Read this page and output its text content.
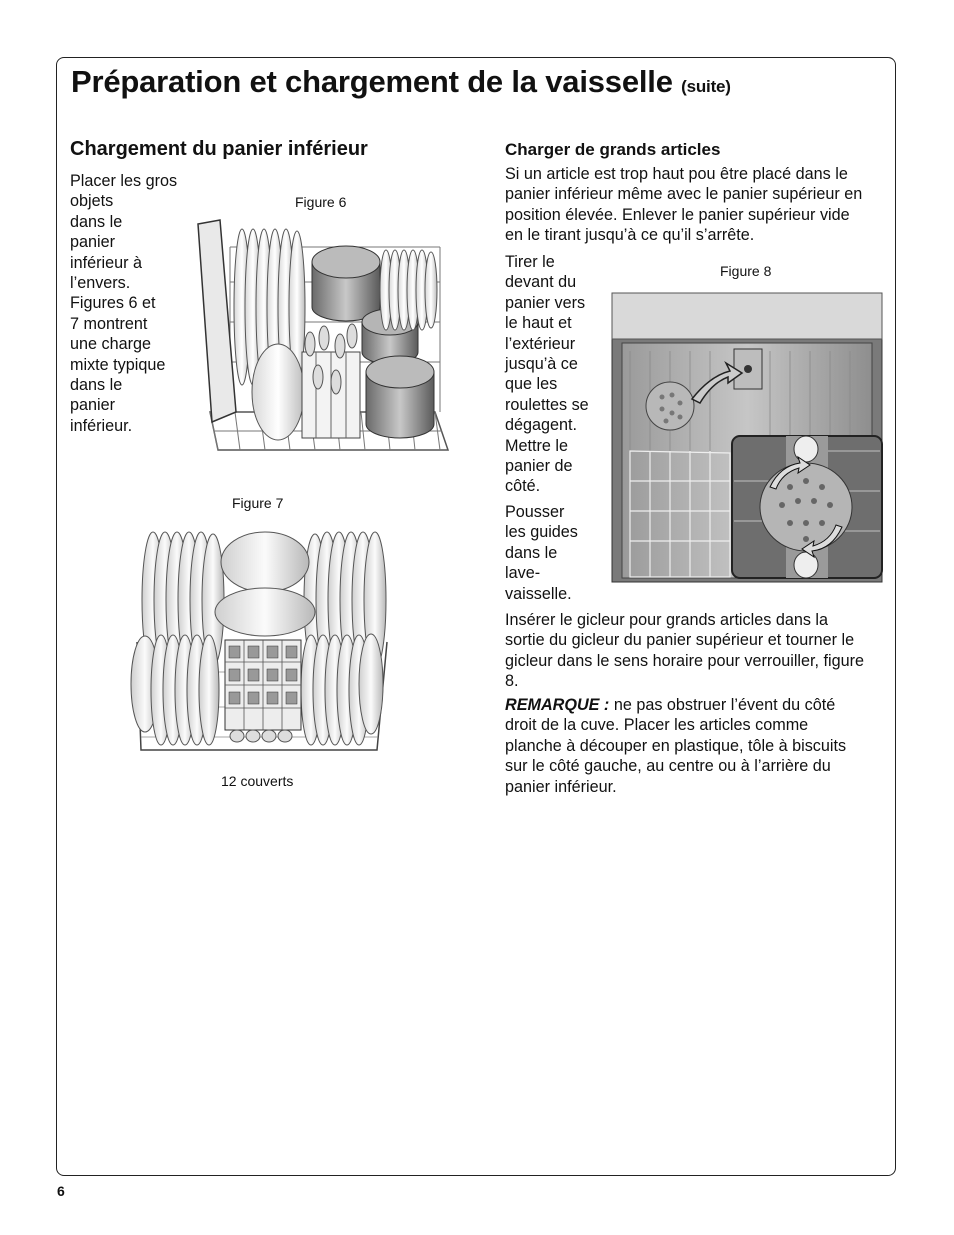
Préparation et chargement de la vaisselle (suite)
Chargement du panier inférieur
Placer les gros
objets
dans le
panier
inférieur à
l’envers.
Figures 6 et
7 montrent
une charge
mixte typique
dans le
panier
inférieur.

Figure 6

Figure 7

12 couverts

Charger de grands articles
Si un article est trop haut pou être placé dans le
panier inférieur même avec le panier supérieur en
position élevée. Enlever le panier supérieur vide
en le tirant jusqu’à ce qu’il s’arrête.
Tirer le
devant du
panier vers
le haut et
l’extérieur
jusqu’à ce
que les
roulettes se
dégagent.
Mettre le
panier de
côté.
Pousser
les guides
dans le
lave-
vaisselle.

Figure 8

Insérer le gicleur pour grands articles dans la
sortie du gicleur du panier supérieur et tourner le
gicleur dans le sens horaire pour verrouiller, figure
8.
REMARQUE : ne pas obstruer l’évent du côté
droit de la cuve. Placer les articles comme
planche à découper en plastique, tôle à biscuits
sur le côté gauche, au centre ou à l’arrière du
panier inférieur.
6
